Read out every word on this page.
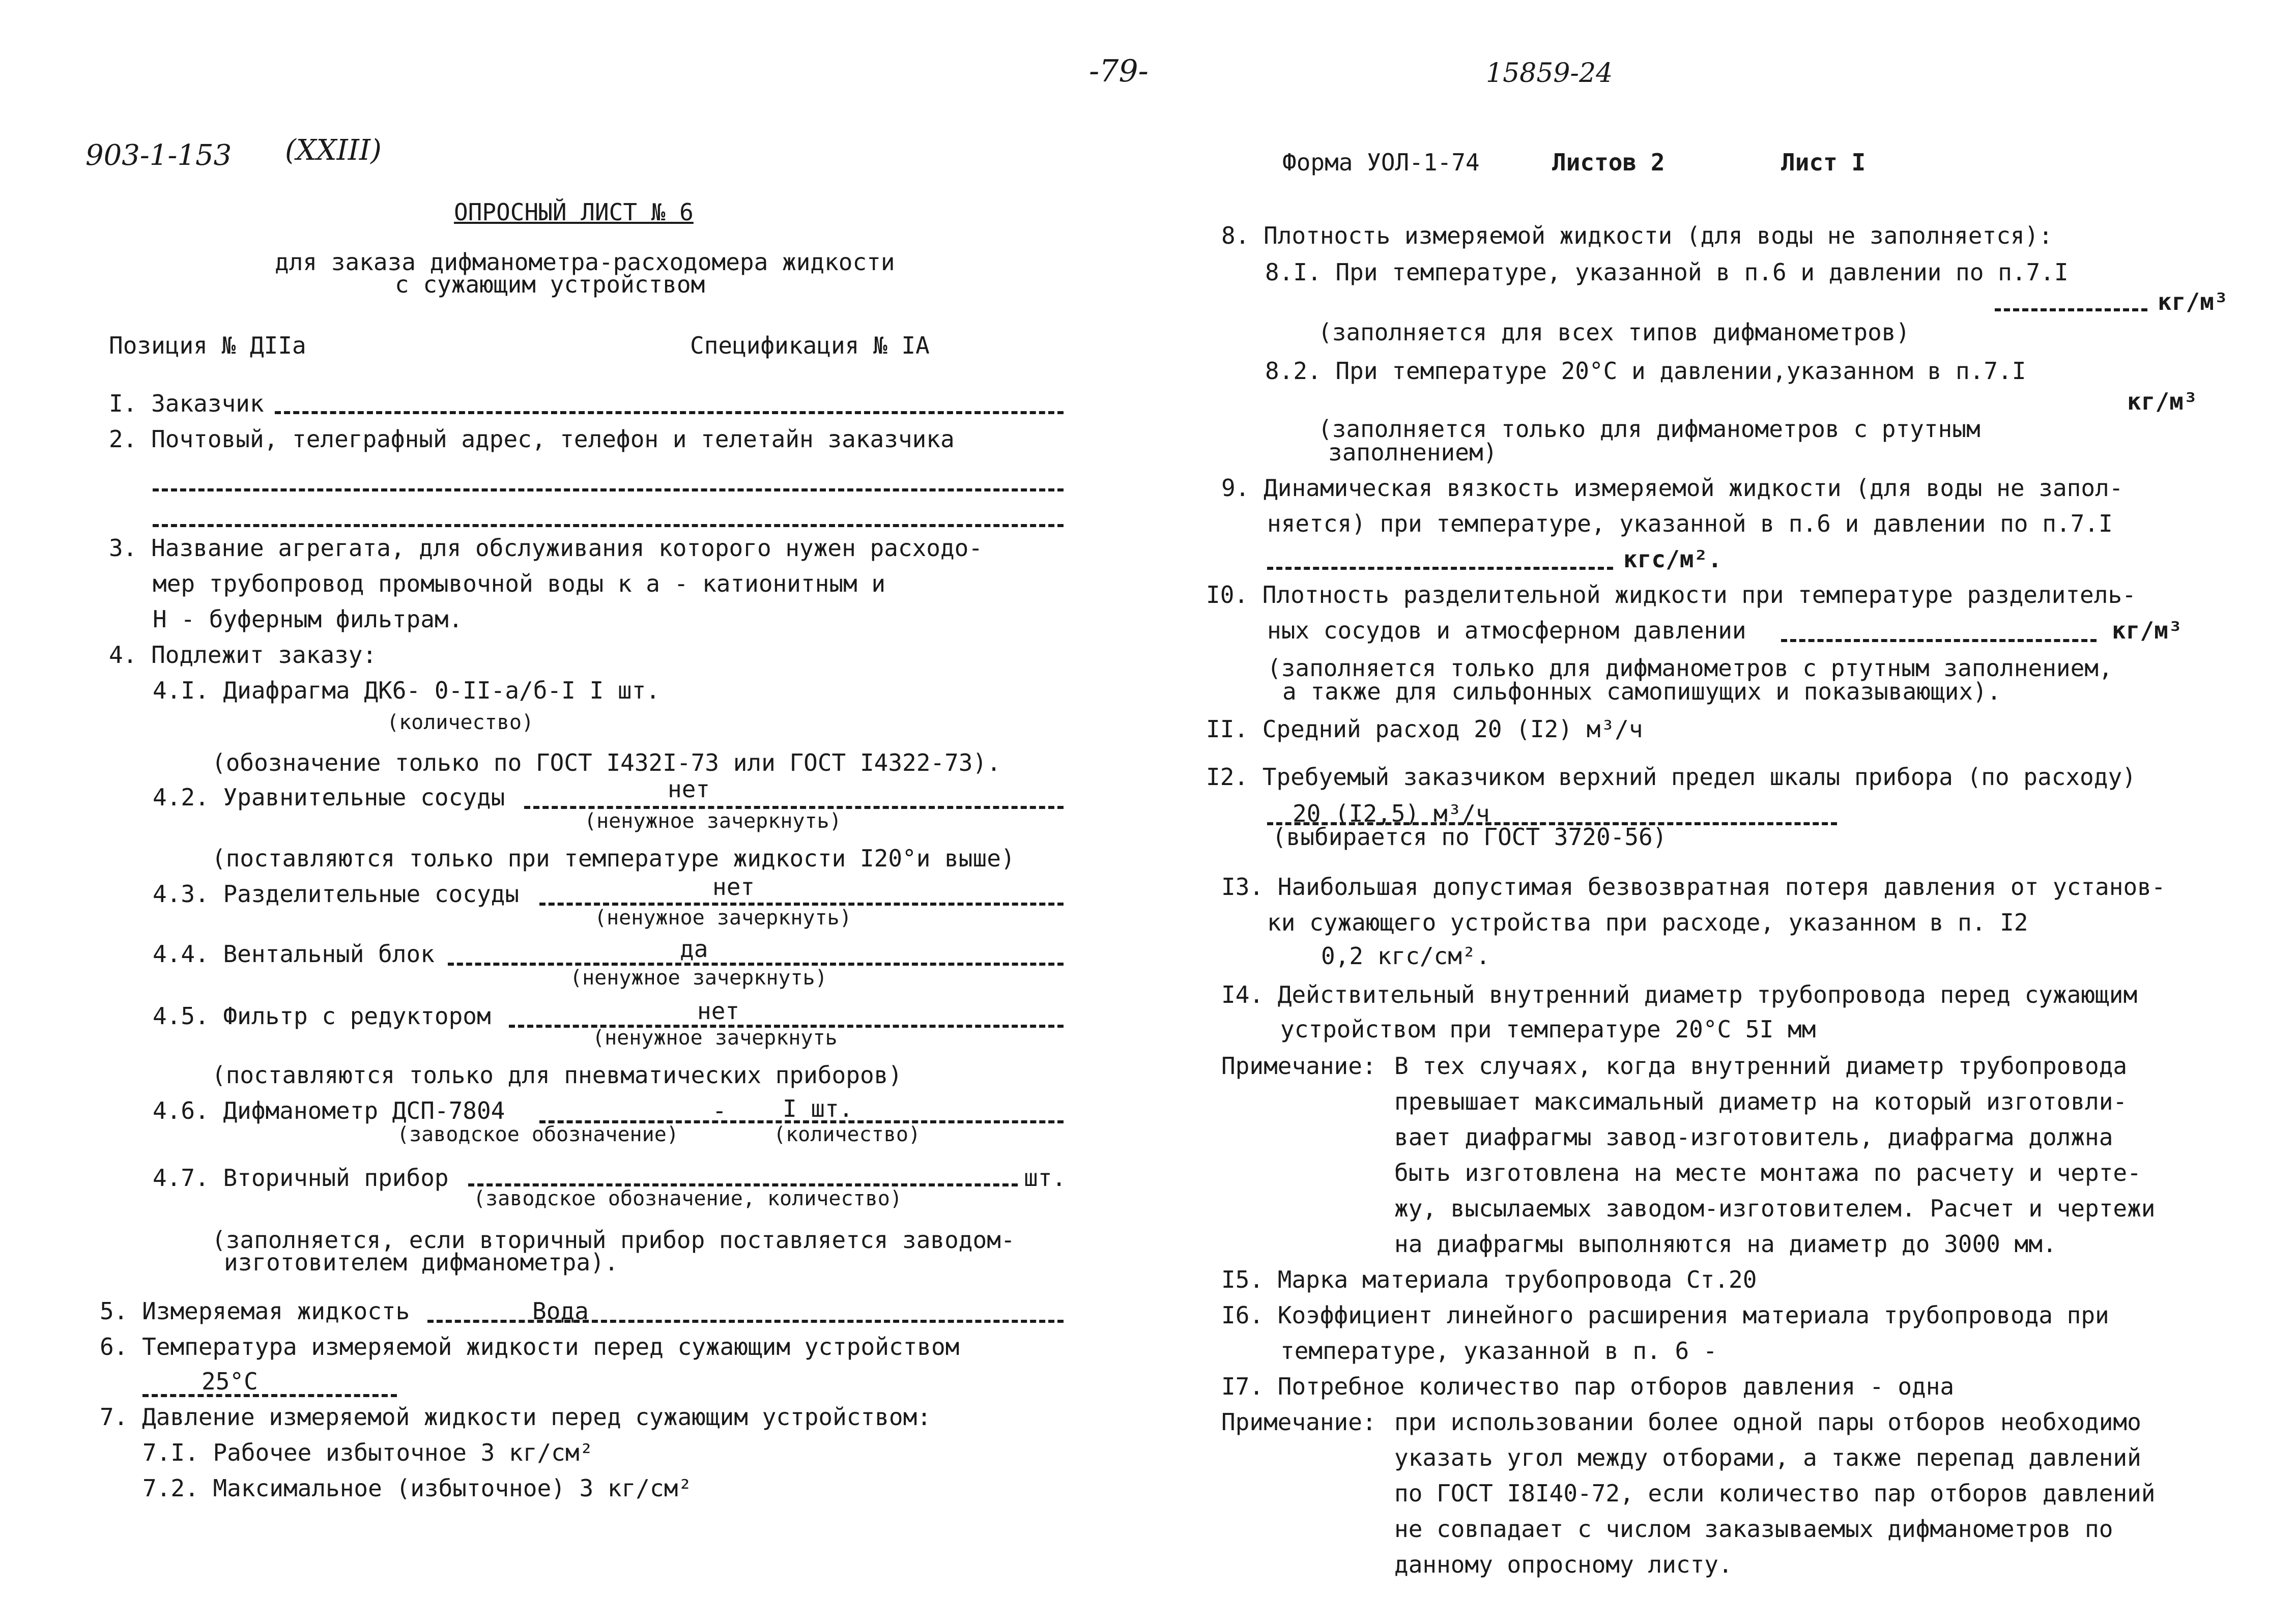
-79-	15859-24
903-1-153 (XXIII)	Форма УОЛ-1-74	Листов 2	Лист I
ОПРОСНЫЙ ЛИСТ № 6
для заказа дифманометра-расходомера жидкости
с сужающим устройством
Позиция № ДIIa	Спецификация № IA
I. Заказчик
2. Почтовый, телеграфный адрес, телефон и телетайн заказчика
3. Название агрегата, для обслуживания которого нужен расходо-
мер трубопровод промывочной воды к а - катионитным и
Н - буферным фильтрам.
4. Подлежит заказу:
4.I. Диафрагма ДК6- 0-II-а/б-I I шт.
(количество)
(обозначение только по ГОСТ I432I-73 или ГОСТ I4322-73).
4.2. Уравнительные сосуды	нет
(ненужное зачеркнуть)
(поставляются только при температуре жидкости I20°и выше)
4.3. Разделительные сосуды	нет
(ненужное зачеркнуть)
4.4. Вентальный блок	да
(ненужное зачеркнуть)
4.5. Фильтр с редуктором	нет
(ненужное зачеркнуть
(поставляются только для пневматических приборов)
4.6. Дифманометр ДСП-7804	- I шт.
(заводское обозначение)	(количество)
4.7. Вторичный прибор
(заводское обозначение, количество)
шт.
(заполняется, если вторичный прибор поставляется заводом-
изготовителем дифманометра).
5. Измеряемая жидкость	Вода
6. Температура измеряемой жидкости перед сужающим устройством
25°C
7. Давление измеряемой жидкости перед сужающим устройством:
7.I. Рабочее избыточное 3 кг/см²
7.2. Максимальное (избыточное) 3 кг/см²
8. Плотность измеряемой жидкости (для воды не заполняется):
8.I. При температуре, указанной в п.6 и давлении по п.7.I
кг/м³
(заполняется для всех типов дифманометров)
8.2. При температуре 20°C и давлении,указанном в п.7.I
кг/м³
(заполняется только для дифманометров с ртутным
заполнением)
9. Динамическая вязкость измеряемой жидкости (для воды не запол-
няется) при температуре, указанной в п.6 и давлении по п.7.I
кгс/м².
I0. Плотность разделительной жидкости при температуре разделитель-
ных сосудов и атмосферном давлении	кг/м³
(заполняется только для дифманометров с ртутным заполнением,
а также для сильфонных самопишущих и показывающих).
II. Средний расход 20 (I2) м³/ч
I2. Требуемый заказчиком верхний предел шкалы прибора (по расходу)
20 (I2,5) м³/ч
(выбирается по ГОСТ 3720-56)
I3. Наибольшая допустимая безвозвратная потеря давления от установ-
ки сужающего устройства при расходе, указанном в п. I2
0,2 кгс/см².
I4. Действительный внутренний диаметр трубопровода перед сужающим
устройством при температуре 20°C 5I мм
Примечание: В тех случаях, когда внутренний диаметр трубопровода
превышает максимальный диаметр на который изготовли-
вает диафрагмы завод-изготовитель, диафрагма должна
быть изготовлена на месте монтажа по расчету и черте-
жу, высылаемых заводом-изготовителем. Расчет и чертежи
на диафрагмы выполняются на диаметр до 3000 мм.
I5. Марка материала трубопровода Ст.20
I6. Коэффициент линейного расширения материала трубопровода при
температуре, указанной в п. 6 -
I7. Потребное количество пар отборов давления - одна
Примечание: при использовании более одной пары отборов необходимо
указать угол между отборами, а также перепад давлений
по ГОСТ I8I40-72, если количество пар отборов давлений
не совпадает с числом заказываемых дифманометров по
данному опросному листу.
